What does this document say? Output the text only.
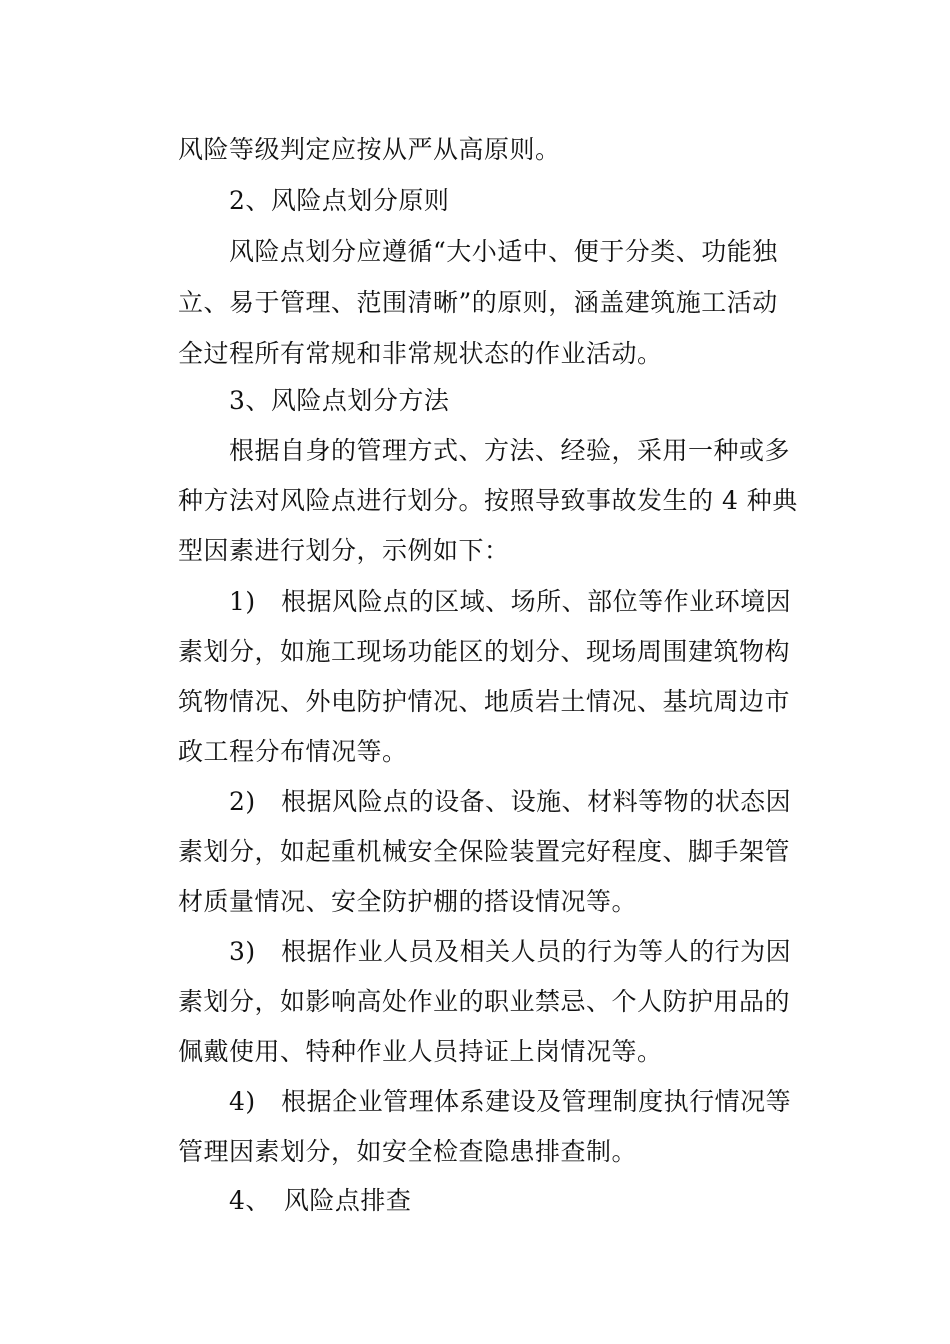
风险等级判定应按从严从高原则。
2、风险点划分原则
风险点划分应遵循“大小适中、便于分类、功能独
立、易于管理、范围清晰”的原则，涵盖建筑施工活动
全过程所有常规和非常规状态的作业活动。
3、风险点划分方法
根据自身的管理方式、方法、经验，采用一种或多
种方法对风险点进行划分。按照导致事故发生的 4 种典
型因素进行划分，示例如下：
1)　根据风险点的区域、场所、部位等作业环境因
素划分，如施工现场功能区的划分、现场周围建筑物构
筑物情况、外电防护情况、地质岩土情况、基坑周边市
政工程分布情况等。
2)　根据风险点的设备、设施、材料等物的状态因
素划分，如起重机械安全保险装置完好程度、脚手架管
材质量情况、安全防护棚的搭设情况等。
3)　根据作业人员及相关人员的行为等人的行为因
素划分，如影响高处作业的职业禁忌、个人防护用品的
佩戴使用、特种作业人员持证上岗情况等。
4)　根据企业管理体系建设及管理制度执行情况等
管理因素划分，如安全检查隐患排查制。
4、　风险点排查
